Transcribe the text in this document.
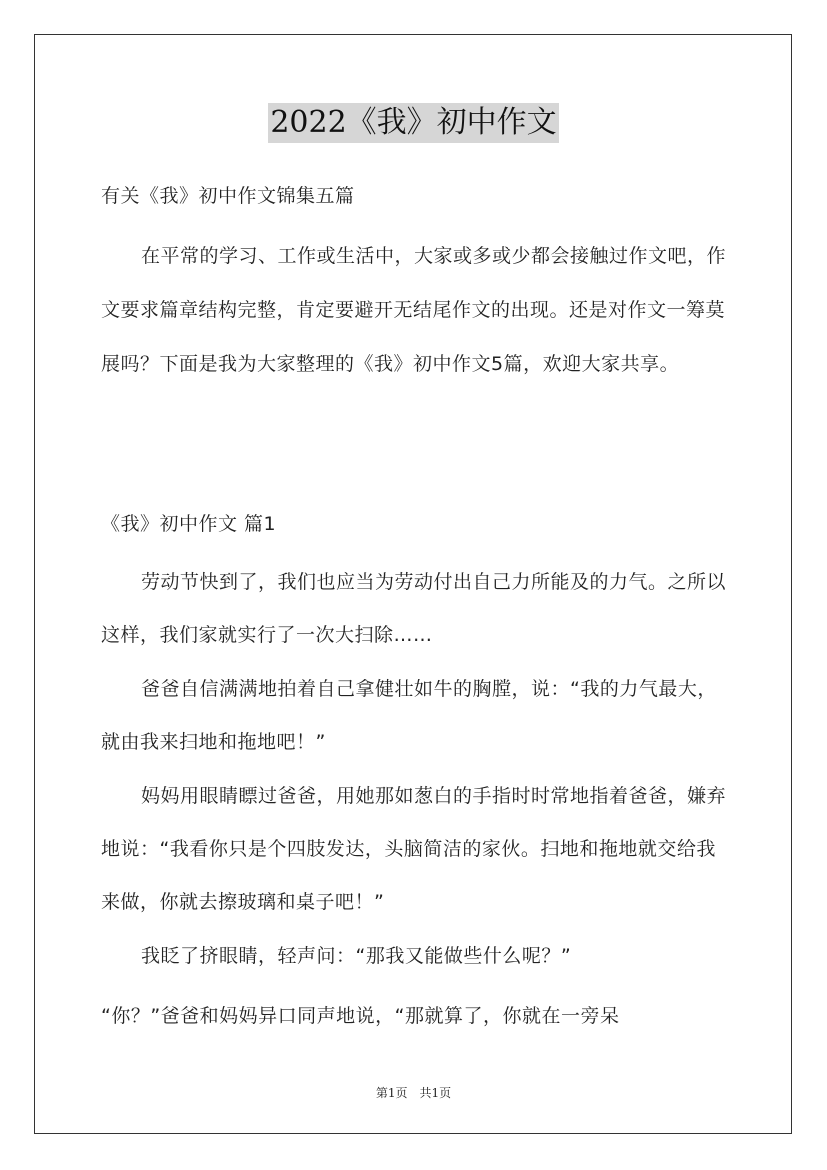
2022《我》初中作文

有关《我》初中作文锦集五篇

在平常的学习、工作或生活中，大家或多或少都会接触过作文吧，作文要求篇章结构完整，肯定要避开无结尾作文的出现。还是对作文一筹莫展吗？下面是我为大家整理的《我》初中作文5篇，欢迎大家共享。

《我》初中作文 篇1

劳动节快到了，我们也应当为劳动付出自己力所能及的力气。之所以这样，我们家就实行了一次大扫除……

爸爸自信满满地拍着自己拿健壮如牛的胸膛，说：“我的力气最大，就由我来扫地和拖地吧！”

妈妈用眼睛瞟过爸爸，用她那如葱白的手指时时常地指着爸爸，嫌弃地说：“我看你只是个四肢发达，头脑简洁的家伙。扫地和拖地就交给我来做，你就去擦玻璃和桌子吧！”

我眨了挤眼睛，轻声问：“那我又能做些什么呢？”

“你？”爸爸和妈妈异口同声地说，“那就算了，你就在一旁呆

第1页　共1页
